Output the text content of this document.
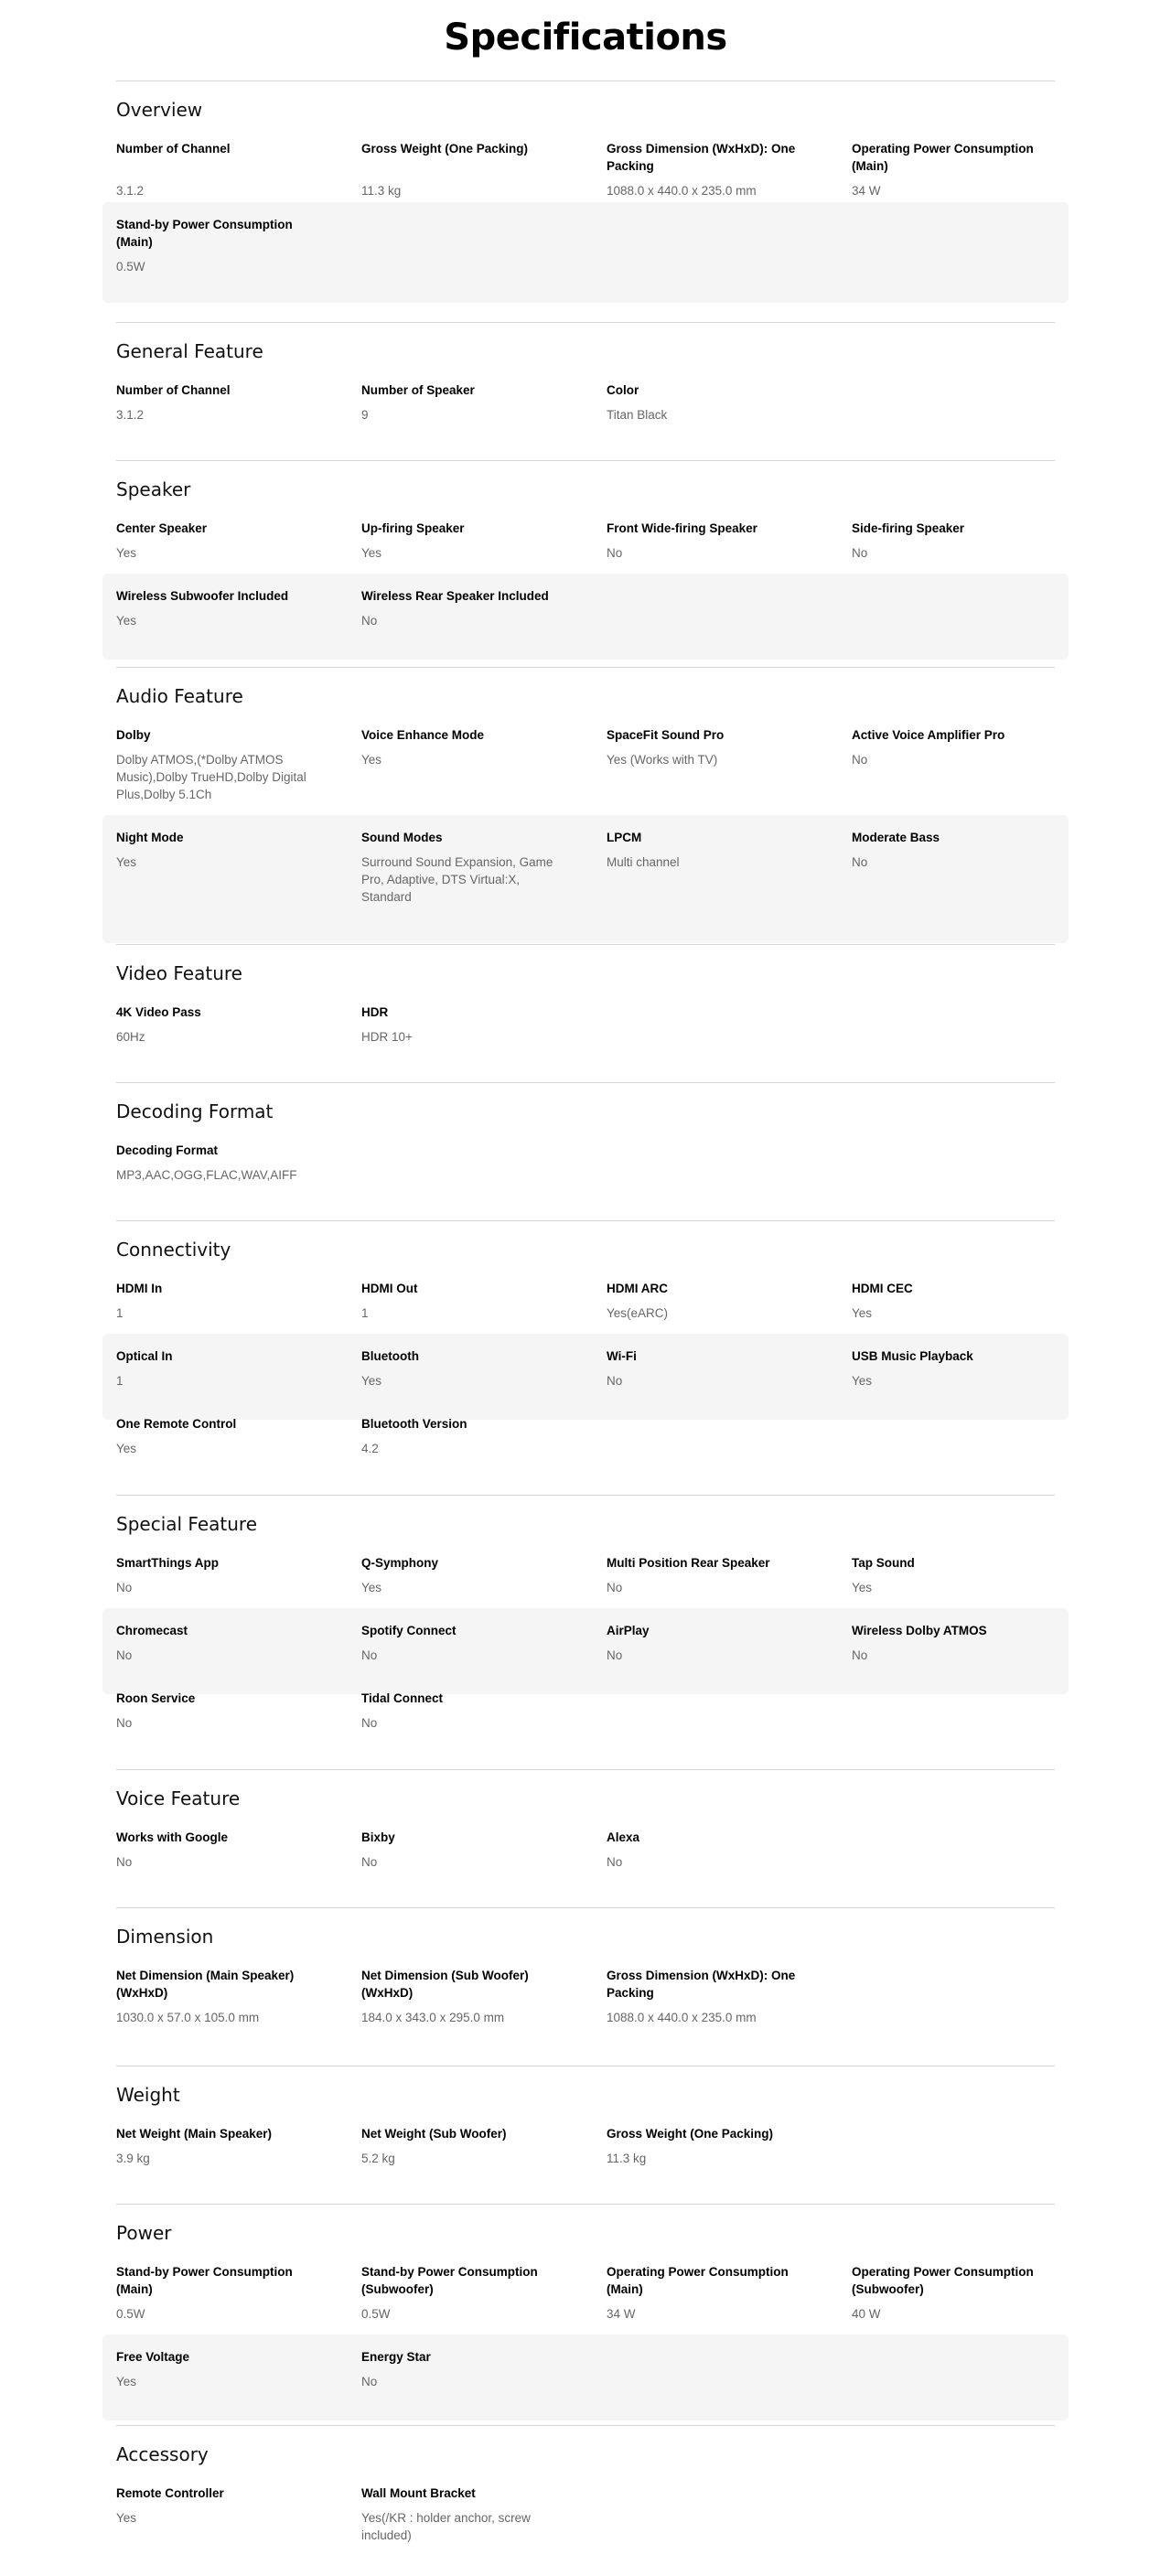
Specifications
Overview
Number of Channel
3.1.2
Gross Weight (One Packing)
11.3 kg
Gross Dimension (WxHxD): One Packing
1088.0 x 440.0 x 235.0 mm
Operating Power Consumption (Main)
34 W
Stand-by Power Consumption (Main)
0.5W
General Feature
Number of Channel
3.1.2
Number of Speaker
9
Color
Titan Black
Speaker
Center Speaker
Yes
Up-firing Speaker
Yes
Front Wide-firing Speaker
No
Side-firing Speaker
No
Wireless Subwoofer Included
Yes
Wireless Rear Speaker Included
No
Audio Feature
Dolby
Dolby ATMOS,(*Dolby ATMOS Music),Dolby TrueHD,Dolby Digital Plus,Dolby 5.1Ch
Voice Enhance Mode
Yes
SpaceFit Sound Pro
Yes (Works with TV)
Active Voice Amplifier Pro
No
Night Mode
Yes
Sound Modes
Surround Sound Expansion, Game Pro, Adaptive, DTS Virtual:X, Standard
LPCM
Multi channel
Moderate Bass
No
Video Feature
4K Video Pass
60Hz
HDR
HDR 10+
Decoding Format
Decoding Format
MP3,AAC,OGG,FLAC,WAV,AIFF
Connectivity
HDMI In
1
HDMI Out
1
HDMI ARC
Yes(eARC)
HDMI CEC
Yes
Optical In
1
Bluetooth
Yes
Wi-Fi
No
USB Music Playback
Yes
One Remote Control
Yes
Bluetooth Version
4.2
Special Feature
SmartThings App
No
Q-Symphony
Yes
Multi Position Rear Speaker
No
Tap Sound
Yes
Chromecast
No
Spotify Connect
No
AirPlay
No
Wireless Dolby ATMOS
No
Roon Service
No
Tidal Connect
No
Voice Feature
Works with Google
No
Bixby
No
Alexa
No
Dimension
Net Dimension (Main Speaker) (WxHxD)
1030.0 x 57.0 x 105.0 mm
Net Dimension (Sub Woofer) (WxHxD)
184.0 x 343.0 x 295.0 mm
Gross Dimension (WxHxD): One Packing
1088.0 x 440.0 x 235.0 mm
Weight
Net Weight (Main Speaker)
3.9 kg
Net Weight (Sub Woofer)
5.2 kg
Gross Weight (One Packing)
11.3 kg
Power
Stand-by Power Consumption (Main)
0.5W
Stand-by Power Consumption (Subwoofer)
0.5W
Operating Power Consumption (Main)
34 W
Operating Power Consumption (Subwoofer)
40 W
Free Voltage
Yes
Energy Star
No
Accessory
Remote Controller
Yes
Wall Mount Bracket
Yes(/KR : holder anchor, screw included)
